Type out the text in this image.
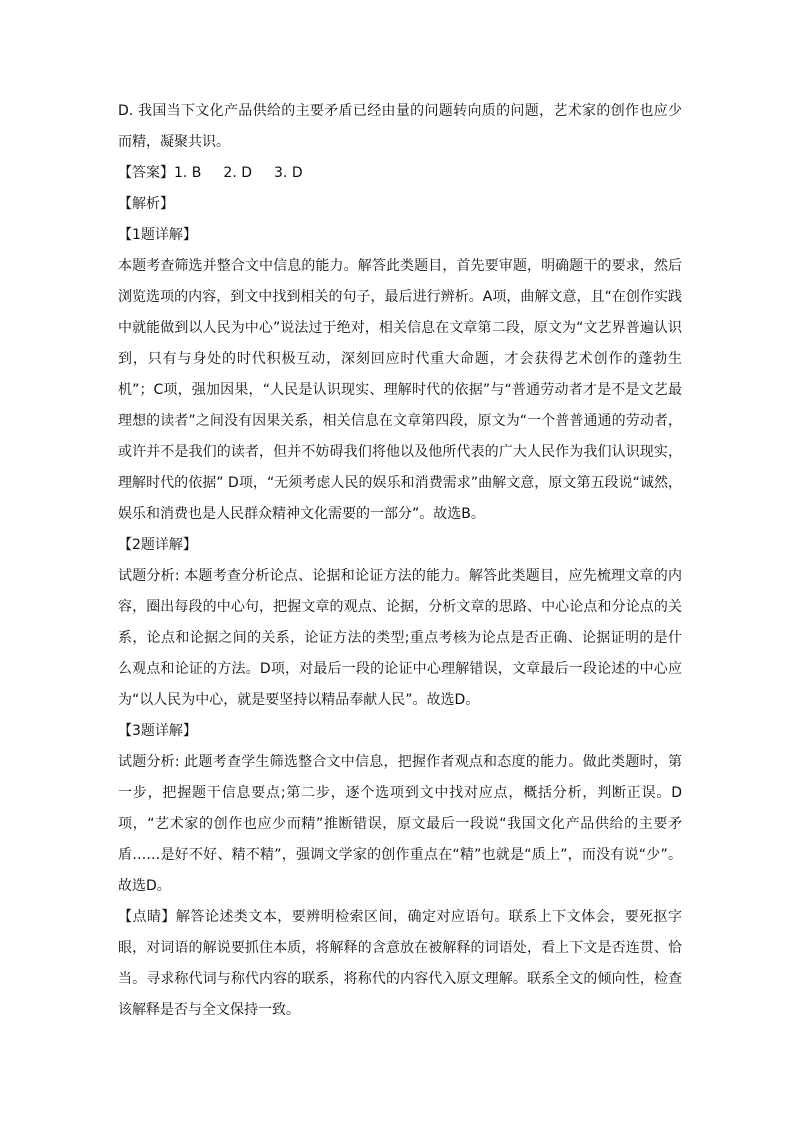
D. 我国当下文化产品供给的主要矛盾已经由量的问题转向质的问题，艺术家的创作也应少而精，凝聚共识。

【答案】1. B 2. D 3. D

【解析】

【1题详解】

本题考查筛选并整合文中信息的能力。解答此类题目，首先要审题，明确题干的要求，然后浏览选项的内容，到文中找到相关的句子，最后进行辨析。A项，曲解文意，且“在创作实践中就能做到以人民为中心”说法过于绝对，相关信息在文章第二段，原文为“文艺界普遍认识到，只有与身处的时代积极互动，深刻回应时代重大命题，才会获得艺术创作的蓬勃生机”；C项，强加因果，“人民是认识现实、理解时代的依据”与“普通劳动者才是不是文艺最理想的读者”之间没有因果关系，相关信息在文章第四段，原文为“一个普普通通的劳动者，或许并不是我们的读者，但并不妨碍我们将他以及他所代表的广大人民作为我们认识现实，理解时代的依据” D项，“无须考虑人民的娱乐和消费需求”曲解文意，原文第五段说“诚然，娱乐和消费也是人民群众精神文化需要的一部分”。故选B。

【2题详解】

试题分析: 本题考查分析论点、论据和论证方法的能力。解答此类题目，应先梳理文章的内容，圈出每段的中心句，把握文章的观点、论据，分析文章的思路、中心论点和分论点的关系，论点和论据之间的关系，论证方法的类型;重点考核为论点是否正确、论据证明的是什么观点和论证的方法。D项，对最后一段的论证中心理解错误，文章最后一段论述的中心应为“以人民为中心，就是要坚持以精品奉献人民”。故选D。

【3题详解】

试题分析: 此题考查学生筛选整合文中信息，把握作者观点和态度的能力。做此类题时，第一步，把握题干信息要点;第二步，逐个选项到文中找对应点，概括分析，判断正误。D项，“艺术家的创作也应少而精”推断错误，原文最后一段说“我国文化产品供给的主要矛盾……是好不好、精不精”，强调文学家的创作重点在“精”也就是“质上”，而没有说“少”。故选D。

【点睛】解答论述类文本，要辨明检索区间，确定对应语句。联系上下文体会，要死抠字眼，对词语的解说要抓住本质，将解释的含意放在被解释的词语处，看上下文是否连贯、恰当。寻求称代词与称代内容的联系，将称代的内容代入原文理解。联系全文的倾向性，检查该解释是否与全文保持一致。
